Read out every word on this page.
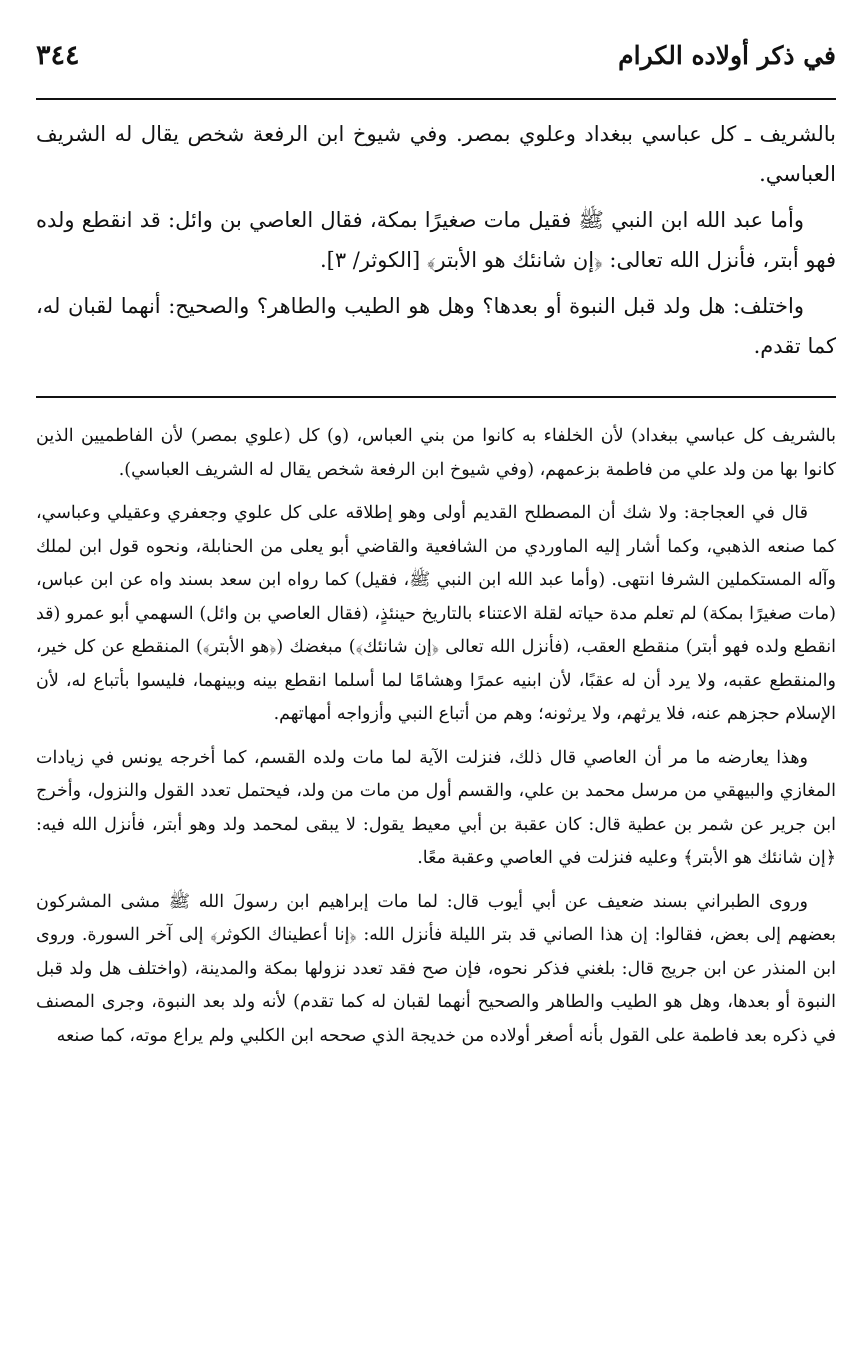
في ذكر أولاده الكرام
٣٤٤

بالشريف ـ كل عباسي ببغداد وعلوي بمصر. وفي شيوخ ابن الرفعة شخص يقال له الشريف العباسي.

وأما عبد الله ابن النبي ﷺ فقيل مات صغيرًا بمكة، فقال العاصي بن وائل: قد انقطع ولده فهو أبتر، فأنزل الله تعالى: ﴿إن شانئك هو الأبتر﴾ [الكوثر/ ٣].

واختلف: هل ولد قبل النبوة أو بعدها؟ وهل هو الطيب والطاهر؟ والصحيح: أنهما لقبان له، كما تقدم.

بالشريف كل عباسي ببغداد) لأن الخلفاء به كانوا من بني العباس، (و) كل (علوي بمصر) لأن الفاطميين الذين كانوا بها من ولد علي من فاطمة بزعمهم، (وفي شيوخ ابن الرفعة شخص يقال له الشريف العباسي).

قال في العجاجة: ولا شك أن المصطلح القديم أولى وهو إطلاقه على كل علوي وجعفري وعقيلي وعباسي، كما صنعه الذهبي، وكما أشار إليه الماوردي من الشافعية والقاضي أبو يعلى من الحنابلة، ونحوه قول ابن لملك وآله المستكملين الشرفا انتهى. (وأما عبد الله ابن النبي ﷺ، فقيل) كما رواه ابن سعد بسند واه عن ابن عباس، (مات صغيرًا بمكة) لم تعلم مدة حياته لقلة الاعتناء بالتاريخ حينئذٍ، (فقال العاصي بن وائل) السهمي أبو عمرو (قد انقطع ولده فهو أبتر) منقطع العقب، (فأنزل الله تعالى ﴿إن شانئك﴾) مبغضك (﴿هو الأبتر﴾) المنقطع عن كل خير، والمنقطع عقبه، ولا يرد أن له عقبًا، لأن ابنيه عمرًا وهشامًا لما أسلما انقطع بينه وبينهما، فليسوا بأتباع له، لأن الإسلام حجزهم عنه، فلا يرثهم، ولا يرثونه؛ وهم من أتباع النبي وأزواجه أمهاتهم.

وهذا يعارضه ما مر أن العاصي قال ذلك، فنزلت الآية لما مات ولده القسم، كما أخرجه يونس في زيادات المغازي والبيهقي من مرسل محمد بن علي، والقسم أول من مات من ولد، فيحتمل تعدد القول والنزول، وأخرج ابن جرير عن شمر بن عطية قال: كان عقبة بن أبي معيط يقول: لا يبقى لمحمد ولد وهو أبتر، فأنزل الله فيه: ﴿إن شانئك هو الأبتر﴾ وعليه فنزلت في العاصي وعقبة معًا.

وروى الطبراني بسند ضعيف عن أبي أيوب قال: لما مات إبراهيم ابن رسولَ الله ﷺ مشى المشركون بعضهم إلى بعض، فقالوا: إن هذا الصاني قد بتر الليلة فأنزل الله: ﴿إنا أعطيناك الكوثر﴾ إلى آخر السورة. وروى ابن المنذر عن ابن جريج قال: بلغني فذكر نحوه، فإن صح فقد تعدد نزولها بمكة والمدينة، (واختلف هل ولد قبل النبوة أو بعدها، وهل هو الطيب والطاهر والصحيح أنهما لقبان له كما تقدم) لأنه ولد بعد النبوة، وجرى المصنف في ذكره بعد فاطمة على القول بأنه أصغر أولاده من خديجة الذي صححه ابن الكلبي ولم يراع موته، كما صنعه
